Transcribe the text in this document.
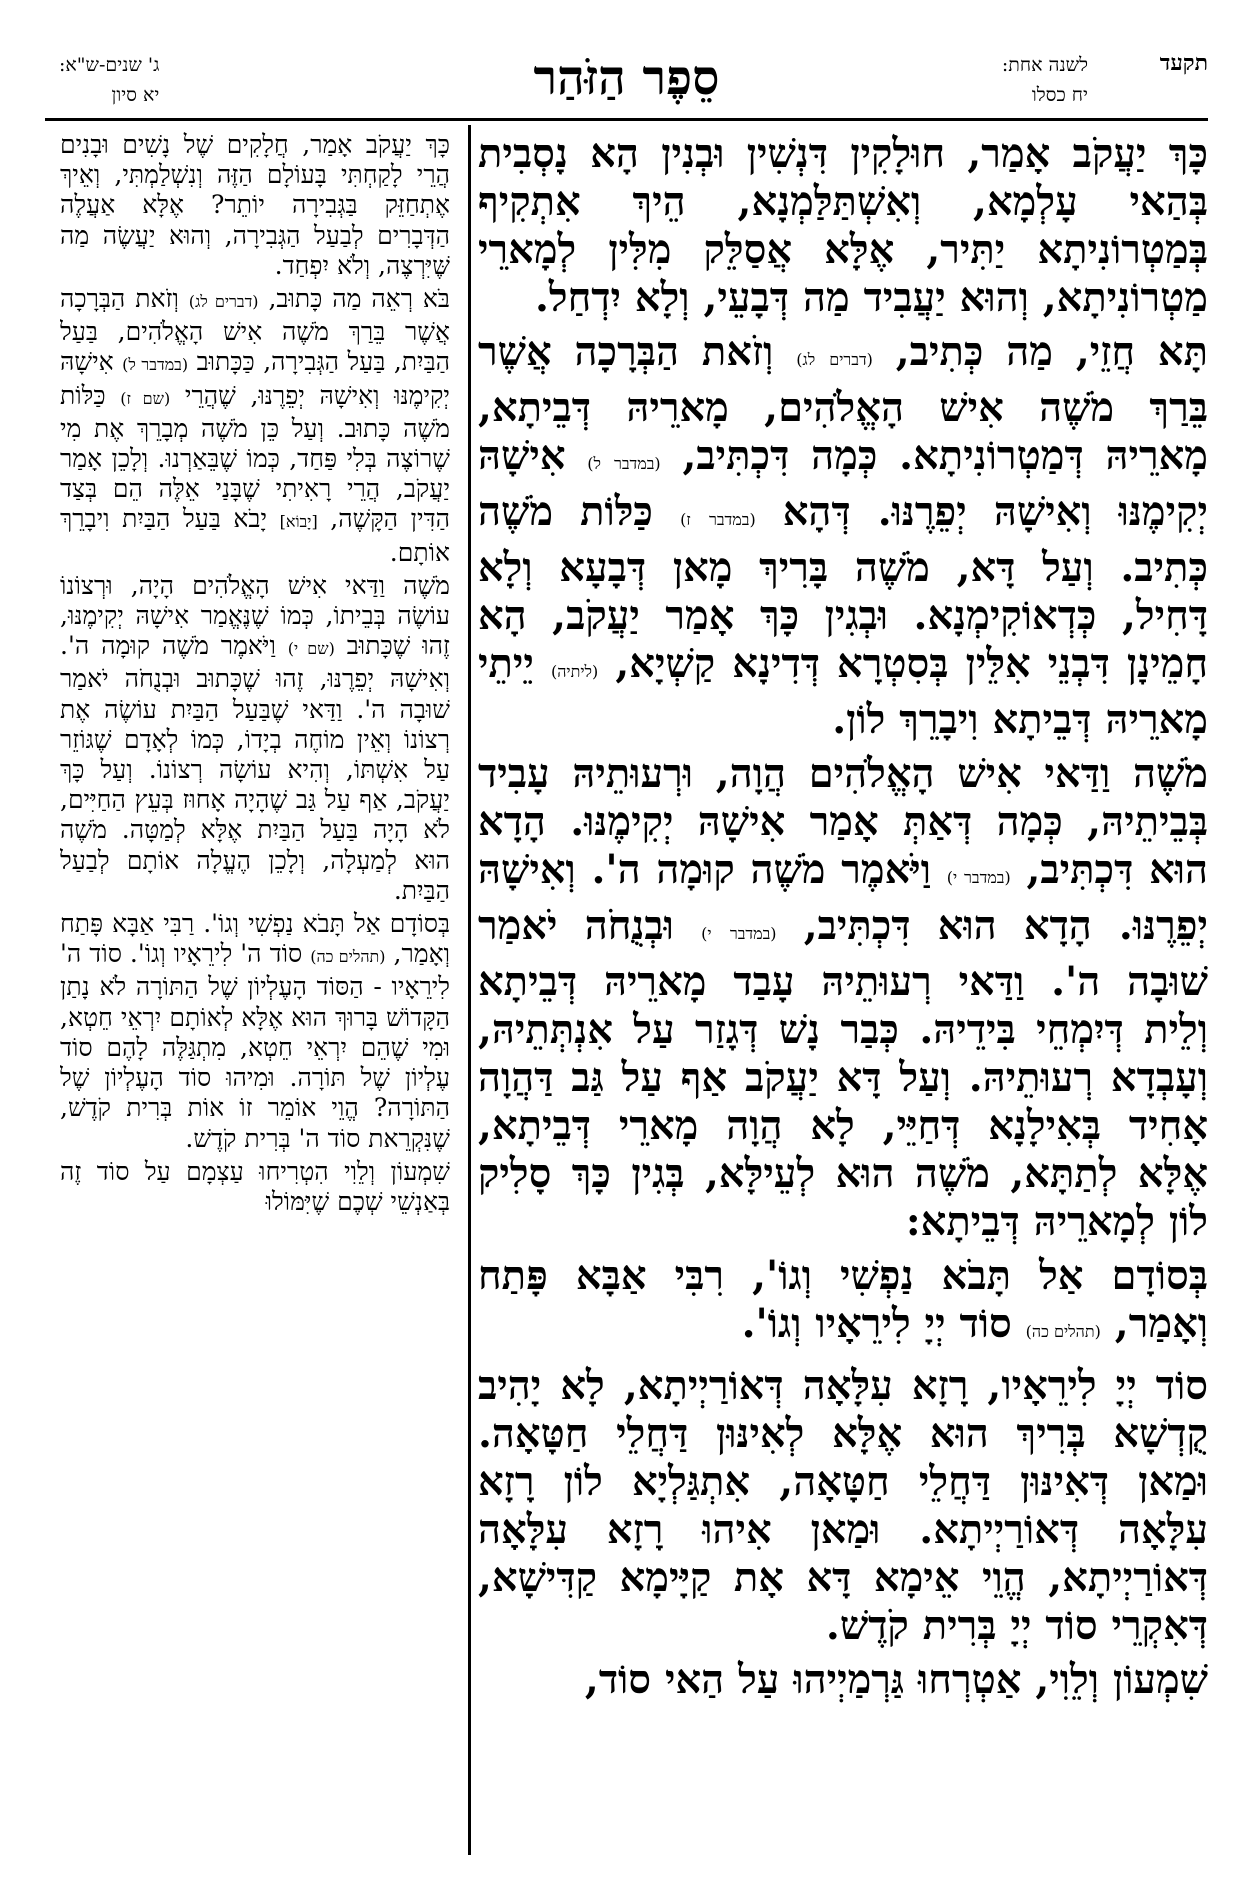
תקעד
לשנה אחת:
יח כסלו
סֵפֶר הַזֹּהַר
ג' שנים-ש"א:
יא סיון

כָּךְ יַעֲקֹב אָמַר, חוּלָקִין דִּנְשִׁין וּבְנִין הָא נָסְבִית בְּהַאי עָלְמָא, וְאִשְׁתַּלַּמְנָא, הֵיךְ אִתְקִיף בְּמַטְרוֹנִיתָא יַתִּיר, אֶלָּא אֲסַלֵּק מִלִּין לְמָארֵי מַטְרוֹנִיתָא, וְהוּא יַעֲבִיד מַה דְּבָעֵי, וְלָא יִדְחַל.

תָּא חֲזֵי, מַה כְּתִיב, (דברים לג) וְזֹאת הַבְּרָכָה אֲשֶׁר בֵּרַךְ מֹשֶׁה אִישׁ הָאֱלֹהִים, מָארֵיהּ דְּבֵיתָא, מָארֵיהּ דְּמַטְרוֹנִיתָא. כְּמָה דִּכְתִּיב, (במדבר ל) אִישָׁהּ יְקִימֶנּוּ וְאִישָׁהּ יְפֵרֶנּוּ. דְּהָא (במדבר ז) כַּלּוֹת מֹשֶׁה כְּתִיב. וְעַל דָּא, מֹשֶׁה בָּרִיךְ מָאן דְּבָעָא וְלָא דָּחִיל, כְּדְאוֹקִימְנָא. וּבְגִין כָּךְ אָמַר יַעֲקֹב, הָא חָמֵינָן דִּבְנֵי אִלֵּין בְּסִטְרָא דְּדִינָא קַשְׁיָא, (ליתיה) יֵיתֵי מָארֵיהּ דְּבֵיתָא וִיבָרֵךְ לוֹן.

מֹשֶׁה וַדַּאי אִישׁ הָאֱלֹהִים הֲוָה, וּרְעוּתֵיהּ עָבִיד בְּבֵיתֵיהּ, כְּמָה דְּאַתְּ אָמַר אִישָׁהּ יְקִימֶנּוּ. הָדָא הוּא דִּכְתִּיב, (במדבר י) וַיֹּאמֶר מֹשֶׁה קוּמָה ה'. וְאִישָׁהּ יְפֵרֶנּוּ. הָדָא הוּא דִּכְתִּיב, (במדבר י) וּבְנֻחֹה יֹאמַר שׁוּבָה ה'. וַדַּאי רְעוּתֵיהּ עָבַד מָארֵיהּ דְּבֵיתָא וְלֵית דְּיִמְחֵי בִּידֵיהּ. כְּבַר נָשׁ דְּגָזַר עַל אִנְתְּתֵיהּ, וְעָבְדָא רְעוּתֵיהּ. וְעַל דָּא יַעֲקֹב אַף עַל גַּב דַּהֲוָה אָחִיד בְּאִילָנָא דְּחַיֵּי, לָא הֲוָה מָארֵי דְּבֵיתָא, אֶלָּא לְתַתָּא, מֹשֶׁה הוּא לְעֵילָּא, בְּגִין כָּךְ סָלִיק לוֹן לְמָארֵיהּ דְּבֵיתָא:

בְּסוֹדָם אַל תָּבֹא נַפְשִׁי וְגוֹ', רִבִּי אַבָּא פָּתַח וְאָמַר, (תהלים כה) סוֹד יְיָ לִירֵאָיו וְגוֹ'.

סוֹד יְיָ לִירֵאָיו, רָזָא עִלָּאָה דְּאוֹרַיְיתָא, לָא יָהִיב קֻדְשָׁא בְּרִיךְ הוּא אֶלָּא לְאִינּוּן דַּחֲלֵי חַטָּאָה. וּמַאן דְּאִינּוּן דַּחֲלֵי חַטָּאָה, אִתְגַּלְיָא לוֹן רָזָא עִלָּאָה דְּאוֹרַיְיתָא. וּמַאן אִיהוּ רָזָא עִלָּאָה דְּאוֹרַיְיתָא, הֱוֵי אֵימָא דָּא אָת קַיָּימָא קַדִּישָׁא, דְּאִקְרֵי סוֹד יְיָ בְּרִית קֹדֶשׁ.

שִׁמְעוֹן וְלֵוִי, אַטְרְחוּ גַּרְמַיְיהוּ עַל הַאי סוֹד,

כָּךְ יַעֲקֹב אָמַר, חֲלָקִים שֶׁל נָשִׁים וּבָנִים הֲרֵי לָקַחְתִּי בָּעוֹלָם הַזֶּה וְנִשְׁלַמְתִּי, וְאֵיךְ אֶתְחַזֵּק בַּגְּבִירָה יוֹתֵר? אֶלָּא אַעֲלֶה הַדְּבָרִים לְבַעַל הַגְּבִירָה, וְהוּא יַעֲשֶׂה מַה שֶּׁיִּרְצֶה, וְלֹא יִפְחַד.

בֹּא רְאֵה מַה כָּתוּב, (דברים לג) וְזֹאת הַבְּרָכָה אֲשֶׁר בֵּרַךְ מֹשֶׁה אִישׁ הָאֱלֹהִים, בַּעַל הַבַּיִת, בַּעַל הַגְּבִירָה, כַּכָּתוּב (במדבר ל) אִישָׁהּ יְקִימֶנּוּ וְאִישָׁהּ יְפֵרֶנּוּ, שֶׁהֲרֵי (שם ז) כַּלּוֹת מֹשֶׁה כָּתוּב. וְעַל כֵּן מֹשֶׁה מְבָרֵךְ אֶת מִי שֶׁרוֹצֶה בְּלִי פַּחַד, כְּמוֹ שֶׁבֵּאַרְנוּ. וְלָכֵן אָמַר יַעֲקֹב, הֲרֵי רָאִיתִי שֶׁבָּנַי אֵלֶּה הֵם בְּצַד הַדִּין הַקָּשֶׁה, [יָבוֹא] יָבֹא בַּעַל הַבַּיִת וִיבָרֵךְ אוֹתָם.

מֹשֶׁה וַדַּאי אִישׁ הָאֱלֹהִים הָיָה, וּרְצוֹנוֹ עוֹשֶׂה בְּבֵיתוֹ, כְּמוֹ שֶׁנֶּאֱמַר אִישָׁהּ יְקִימֶנּוּ, זֶהוּ שֶׁכָּתוּב (שם י) וַיֹּאמֶר מֹשֶׁה קוּמָה ה'. וְאִישָׁהּ יְפֵרֶנּוּ, זֶהוּ שֶׁכָּתוּב וּבְנֻחֹה יֹאמַר שׁוּבָה ה'. וַדַּאי שֶׁבַּעַל הַבַּיִת עוֹשֶׂה אֶת רְצוֹנוֹ וְאֵין מוֹחֶה בְיָדוֹ, כְּמוֹ לְאָדָם שֶׁגּוֹזֵר עַל אִשְׁתּוֹ, וְהִיא עוֹשָׂה רְצוֹנוֹ. וְעַל כָּךְ יַעֲקֹב, אַף עַל גַּב שֶׁהָיָה אָחוּז בְּעֵץ הַחַיִּים, לֹא הָיָה בַּעַל הַבַּיִת אֶלָּא לְמַטָּה. מֹשֶׁה הוּא לְמַעְלָה, וְלָכֵן הֶעֱלָה אוֹתָם לְבַעַל הַבַּיִת.

בְּסוֹדָם אַל תָּבֹא נַפְשִׁי וְגוֹ'. רַבִּי אַבָּא פָּתַח וְאָמַר, (תהלים כה) סוֹד ה' לִירֵאָיו וְגוֹ'. סוֹד ה' לִירֵאָיו - הַסּוֹד הָעֶלְיוֹן שֶׁל הַתּוֹרָה לֹא נָתַן הַקָּדוֹשׁ בָּרוּךְ הוּא אֶלָּא לְאוֹתָם יִרְאֵי חֵטְא, וּמִי שֶׁהֵם יִרְאֵי חֵטְא, מִתְגַּלֶּה לָהֶם סוֹד עֶלְיוֹן שֶׁל תּוֹרָה. וּמִיהוּ סוֹד הָעֶלְיוֹן שֶׁל הַתּוֹרָה? הֱוֵי אוֹמֵר זוֹ אוֹת בְּרִית קֹדֶשׁ, שֶׁנִּקְרֵאת סוֹד ה' בְּרִית קֹדֶשׁ.

שִׁמְעוֹן וְלֵוִי הִטְרִיחוּ עַצְמָם עַל סוֹד זֶה בְּאַנְשֵׁי שְׁכֶם שֶׁיִּמּוֹלוּ
